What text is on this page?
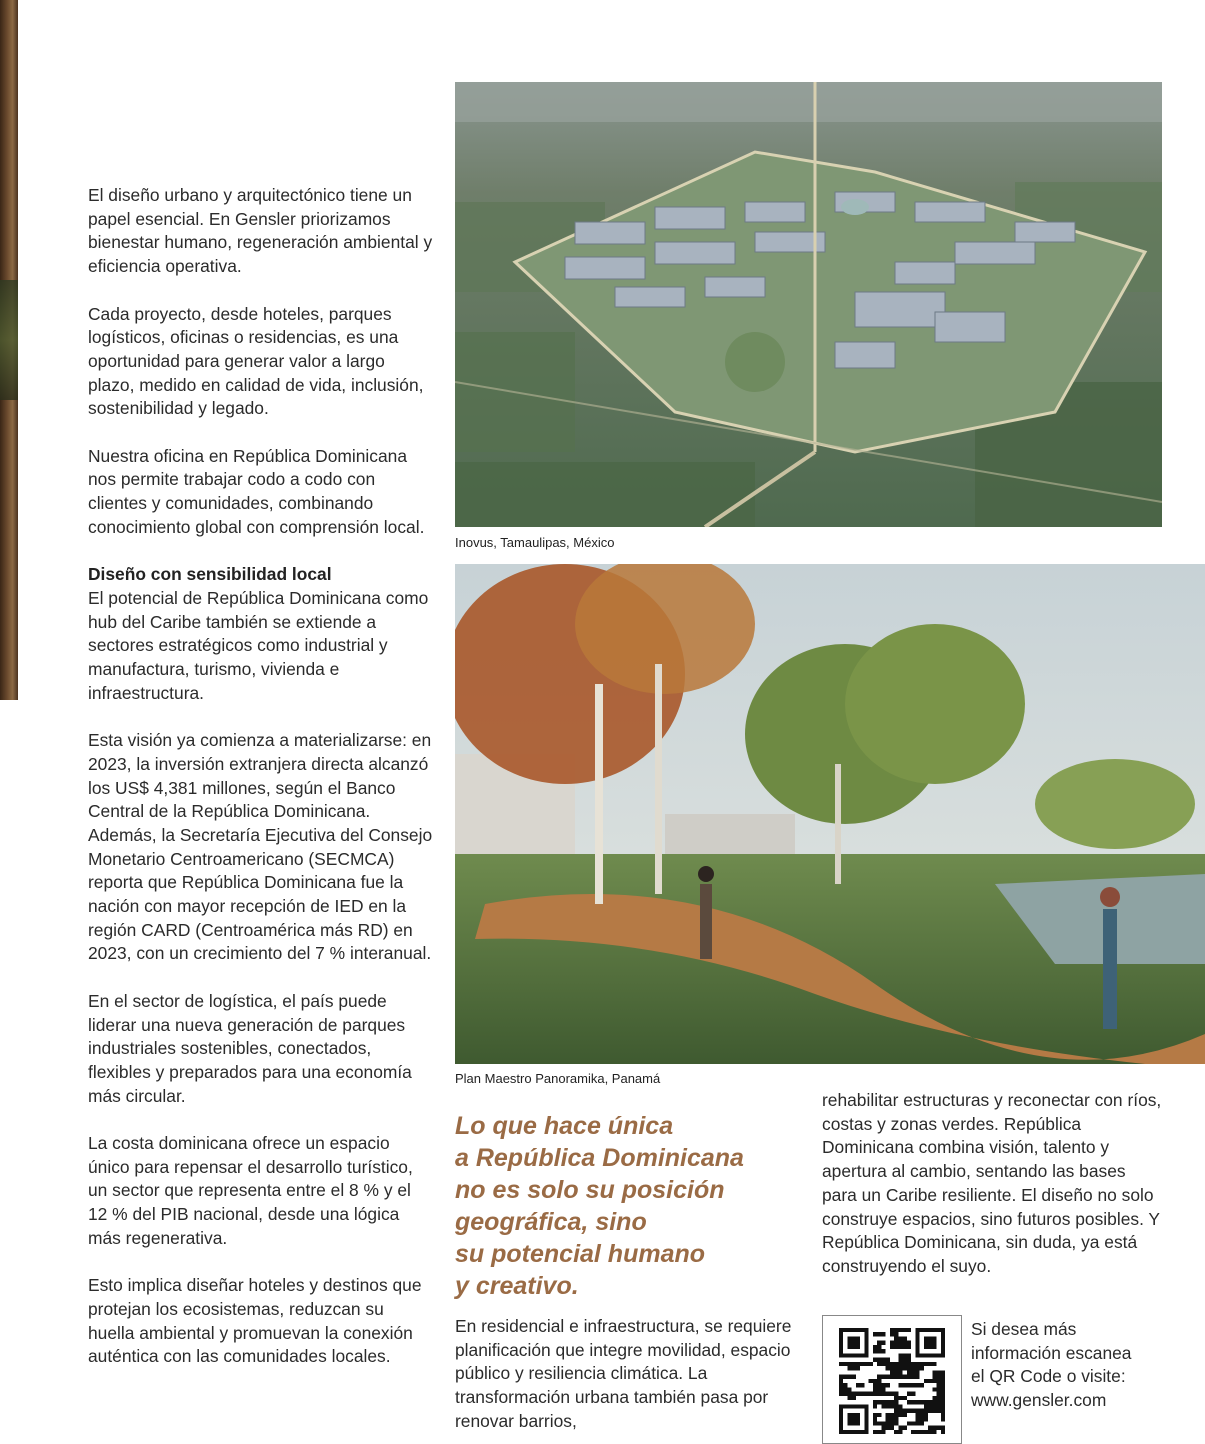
El diseño urbano y arquitectónico tiene un papel esencial. En Gensler priorizamos bienestar humano, regeneración ambiental y eficiencia operativa.

Cada proyecto, desde hoteles, parques logísticos, oficinas o residencias, es una oportunidad para generar valor a largo plazo, medido en calidad de vida, inclusión, sostenibilidad y legado.

Nuestra oficina en República Dominicana nos permite trabajar codo a codo con clientes y comunidades, combinando conocimiento global con comprensión local.

Diseño con sensibilidad local

El potencial de República Dominicana como hub del Caribe también se extiende a sectores estratégicos como industrial y manufactura, turismo, vivienda e infraestructura.

Esta visión ya comienza a materializarse: en 2023, la inversión extranjera directa alcanzó los US$ 4,381 millones, según el Banco Central de la República Dominicana. Además, la Secretaría Ejecutiva del Consejo Monetario Centroamericano (SECMCA) reporta que República Dominicana fue la nación con mayor recepción de IED en la región CARD (Centroamérica más RD) en 2023, con un crecimiento del 7 % interanual.

En el sector de logística, el país puede liderar una nueva generación de parques industriales sostenibles, conectados, flexibles y preparados para una economía más circular.

La costa dominicana ofrece un espacio único para repensar el desarrollo turístico, un sector que representa entre el 8 % y el 12 % del PIB nacional, desde una lógica más regenerativa.

Esto implica diseñar hoteles y destinos que protejan los ecosistemas, reduzcan su huella ambiental y promuevan la conexión auténtica con las comunidades locales.

Inovus, Tamaulipas, México
Plan Maestro Panoramika, Panamá
Lo que hace única
a República Dominicana
no es solo su posición
geográfica, sino
su potencial humano
y creativo.

En residencial e infraestructura, se requiere planificación que integre movilidad, espacio público y resiliencia climática. La transformación urbana también pasa por renovar barrios,

rehabilitar estructuras y reconectar con ríos, costas y zonas verdes. República Dominicana combina visión, talento y apertura al cambio, sentando las bases para un Caribe resiliente. El diseño no solo construye espacios, sino futuros posibles. Y República Dominicana, sin duda, ya está construyendo el suyo.

Si desea más
información escanea
el QR Code o visite:
www.gensler.com
